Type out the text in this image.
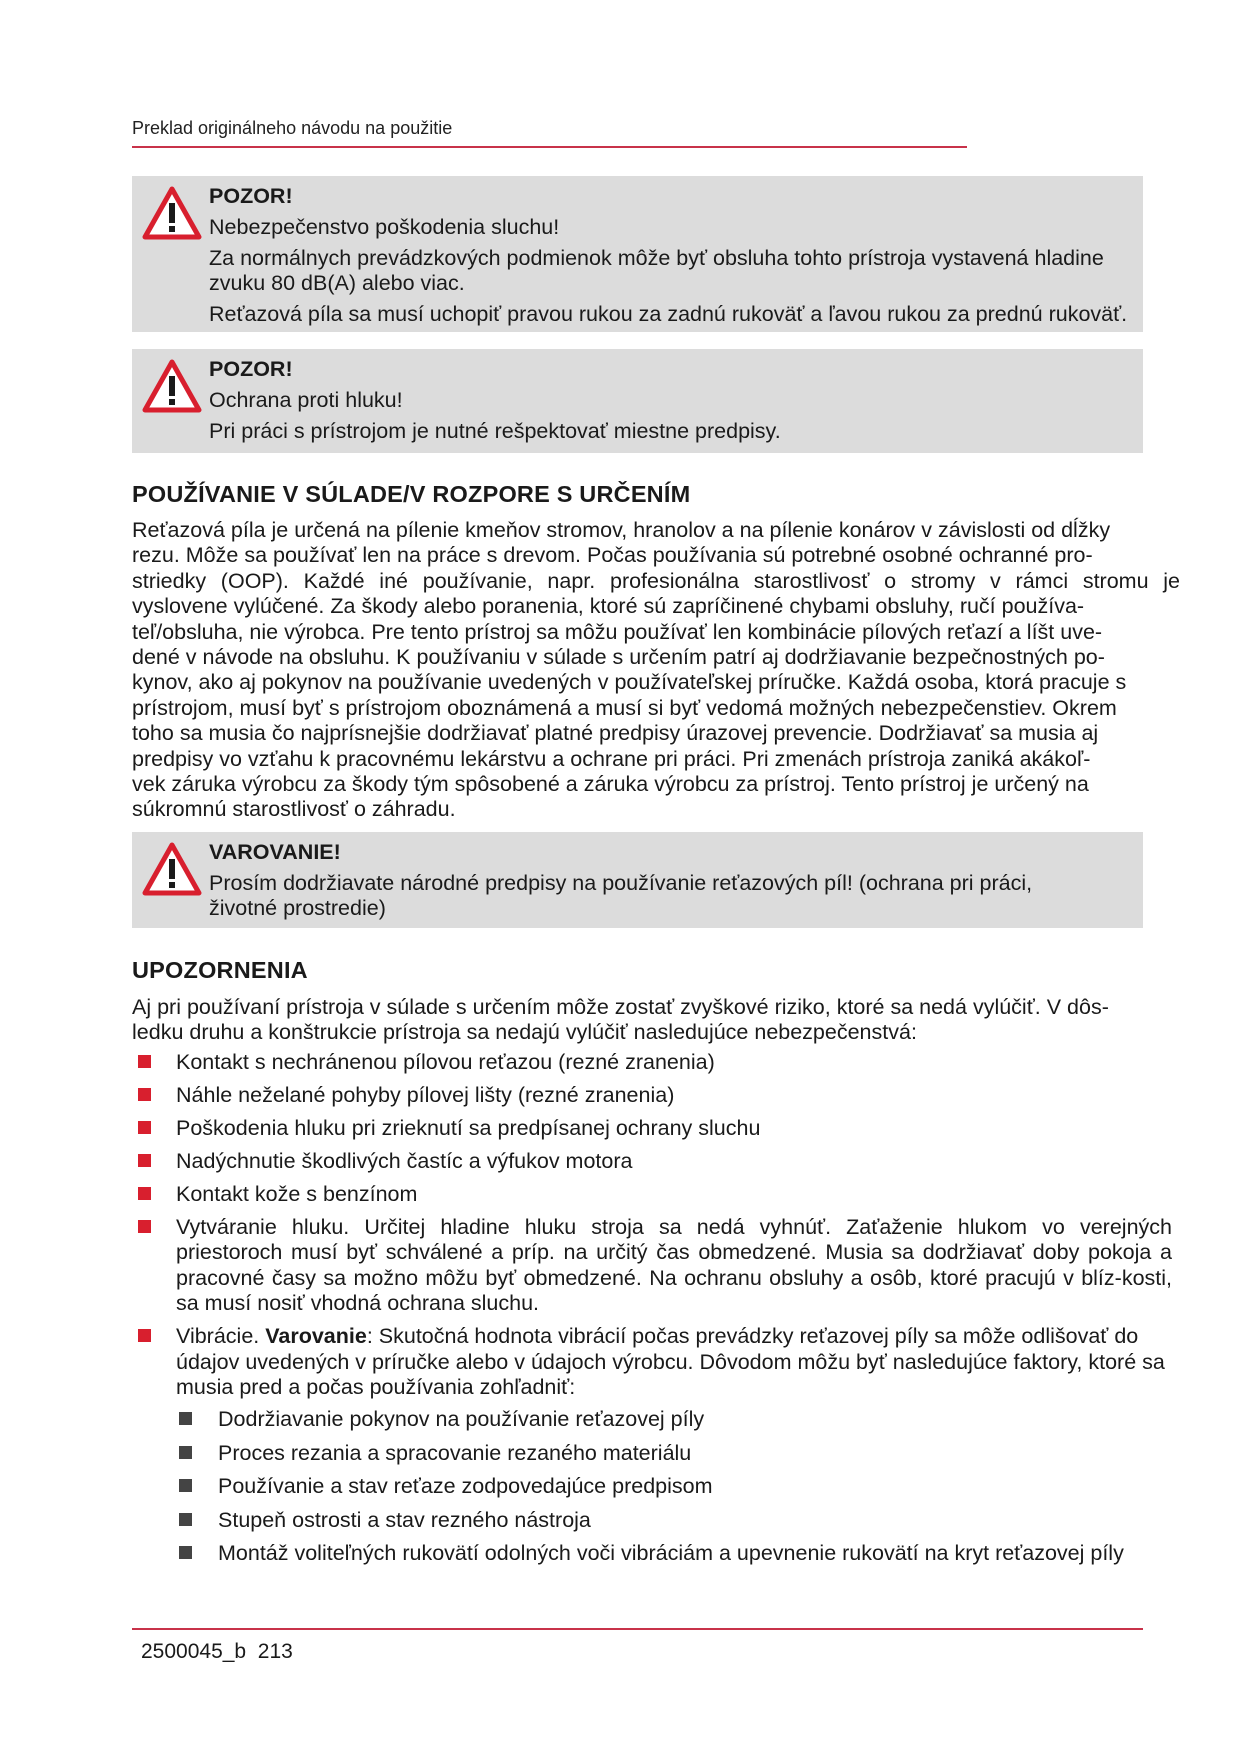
Preklad originálneho návodu na použitie
POZOR!
Nebezpečenstvo poškodenia sluchu!
Za normálnych prevádzkových podmienok môže byť obsluha tohto prístroja vystavená hladine zvuku 80 dB(A) alebo viac.
Reťazová píla sa musí uchopiť pravou rukou za zadnú rukoväť a ľavou rukou za prednú rukoväť.
POZOR!
Ochrana proti hluku!
Pri práci s prístrojom je nutné rešpektovať miestne predpisy.
POUŽÍVANIE V SÚLADE/V ROZPORE S URČENÍM
Reťazová píla je určená na pílenie kmeňov stromov, hranolov a na pílenie konárov v závislosti od dĺžky
rezu. Môže sa používať len na práce s drevom. Počas používania sú potrebné osobné ochranné pro-
striedky (OOP). Každé iné používanie, napr. profesionálna starostlivosť o stromy v rámci stromu je
vyslovene vylúčené. Za škody alebo poranenia, ktoré sú zapríčinené chybami obsluhy, ručí používa-
teľ/obsluha, nie výrobca. Pre tento prístroj sa môžu používať len kombinácie pílových reťazí a líšt uve-
dené v návode na obsluhu. K používaniu v súlade s určením patrí aj dodržiavanie bezpečnostných po-
kynov, ako aj pokynov na používanie uvedených v používateľskej príručke. Každá osoba, ktorá pracuje s
prístrojom, musí byť s prístrojom oboznámená a musí si byť vedomá možných nebezpečenstiev. Okrem
toho sa musia čo najprísnejšie dodržiavať platné predpisy úrazovej prevencie. Dodržiavať sa musia aj
predpisy vo vzťahu k pracovnému lekárstvu a ochrane pri práci. Pri zmenách prístroja zaniká akákoľ-
vek záruka výrobcu za škody tým spôsobené a záruka výrobcu za prístroj. Tento prístroj je určený na
súkromnú starostlivosť o záhradu.
VAROVANIE!
Prosím dodržiavate národné predpisy na používanie reťazových píl! (ochrana pri práci, životné prostredie)
UPOZORNENIA
Aj pri používaní prístroja v súlade s určením môže zostať zvyškové riziko, ktoré sa nedá vylúčiť. V dôs-
ledku druhu a konštrukcie prístroja sa nedajú vylúčiť nasledujúce nebezpečenstvá:
Kontakt s nechránenou pílovou reťazou (rezné zranenia)
Náhle neželané pohyby pílovej lišty (rezné zranenia)
Poškodenia hluku pri zrieknutí sa predpísanej ochrany sluchu
Nadýchnutie škodlivých častíc a výfukov motora
Kontakt kože s benzínom
Vytváranie hluku. Určitej hladine hluku stroja sa nedá vyhnúť. Zaťaženie hlukom vo verejných priestoroch musí byť schválené a príp. na určitý čas obmedzené. Musia sa dodržiavať doby pokoja a pracovné časy sa možno môžu byť obmedzené. Na ochranu obsluhy a osôb, ktoré pracujú v blíz-kosti, sa musí nosiť vhodná ochrana sluchu.
Vibrácie. Varovanie: Skutočná hodnota vibrácií počas prevádzky reťazovej píly sa môže odlišovať do údajov uvedených v príručke alebo v údajoch výrobcu. Dôvodom môžu byť nasledujúce faktory, ktoré sa musia pred a počas používania zohľadniť:
Dodržiavanie pokynov na používanie reťazovej píly
Proces rezania a spracovanie rezaného materiálu
Používanie a stav reťaze zodpovedajúce predpisom
Stupeň ostrosti a stav rezného nástroja
Montáž voliteľných rukovätí odolných voči vibráciám a upevnenie rukovätí na kryt reťazovej píly
2500045_b 213
